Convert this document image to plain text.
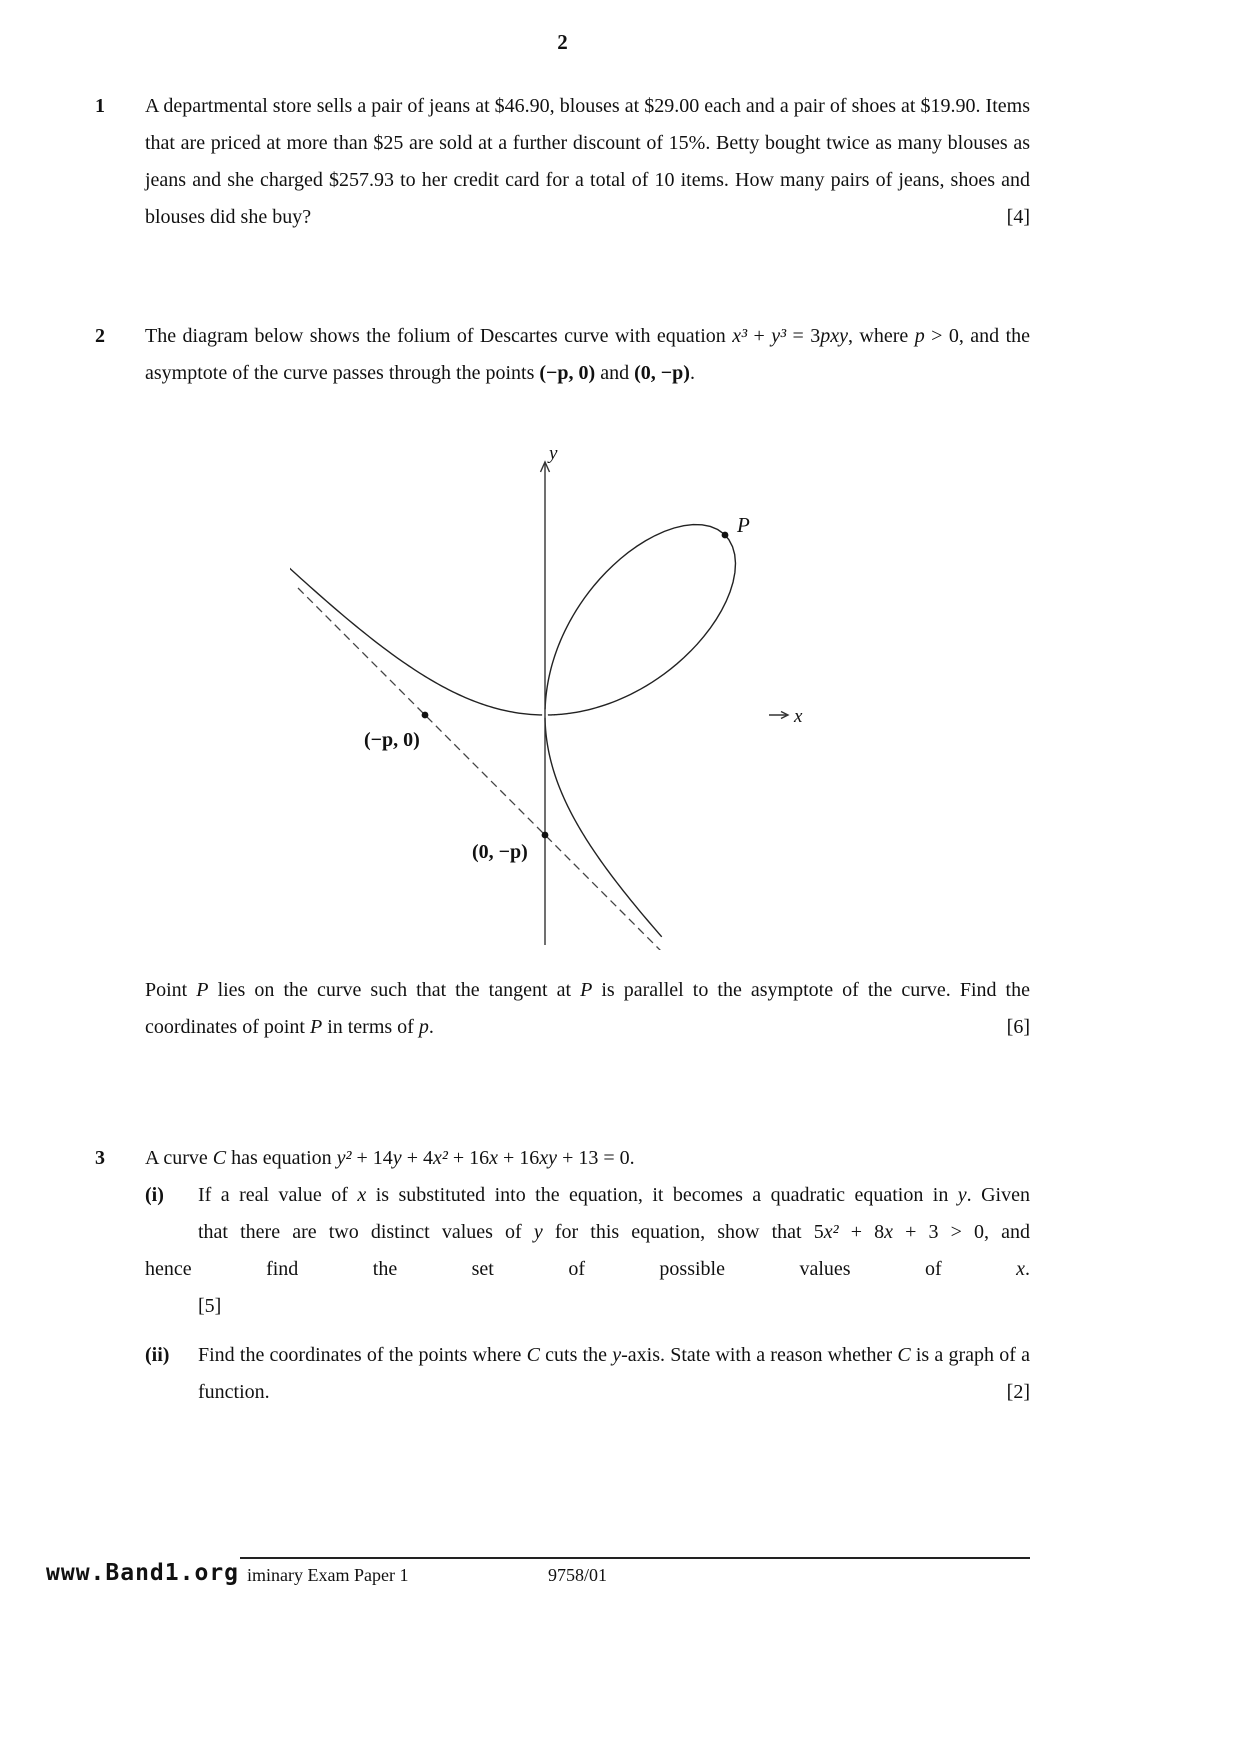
2
1

[4]
A departmental store sells a pair of jeans at $46.90, blouses at $29.00 each and a pair of shoes at $19.90. Items that are priced at more than $25 are sold at a further discount of 15%. Betty bought twice as many blouses as jeans and she charged $257.93 to her credit card for a total of 10 items. How many pairs of jeans, shoes and blouses did she buy?

2	The diagram below shows the folium of Descartes curve with equation x³ + y³ = 3pxy, where p > 0, and the asymptote of the curve passes through the points (−p, 0) and (0, −p).

y
x
P
(−p, 0)
(0, −p)

[6]
Point P lies on the curve such that the tangent at P is parallel to the asymptote of the curve. Find the coordinates of point P in terms of p.

3	A curve C has equation y² + 14y + 4x² + 16x + 16xy + 13 = 0.

(i)	If a real value of x is substituted into the equation, it becomes a quadratic equation in y. Given

that there are two distinct values of y for this equation, show that 5x² + 8x + 3 > 0, and

hence find the set of possible values of x.

[5]

(ii)

[2]
Find the coordinates of the points where C cuts the y-axis. State with a reason whether C is a graph of a function.

www.Band1.org iminary Exam Paper 1	9758/01
